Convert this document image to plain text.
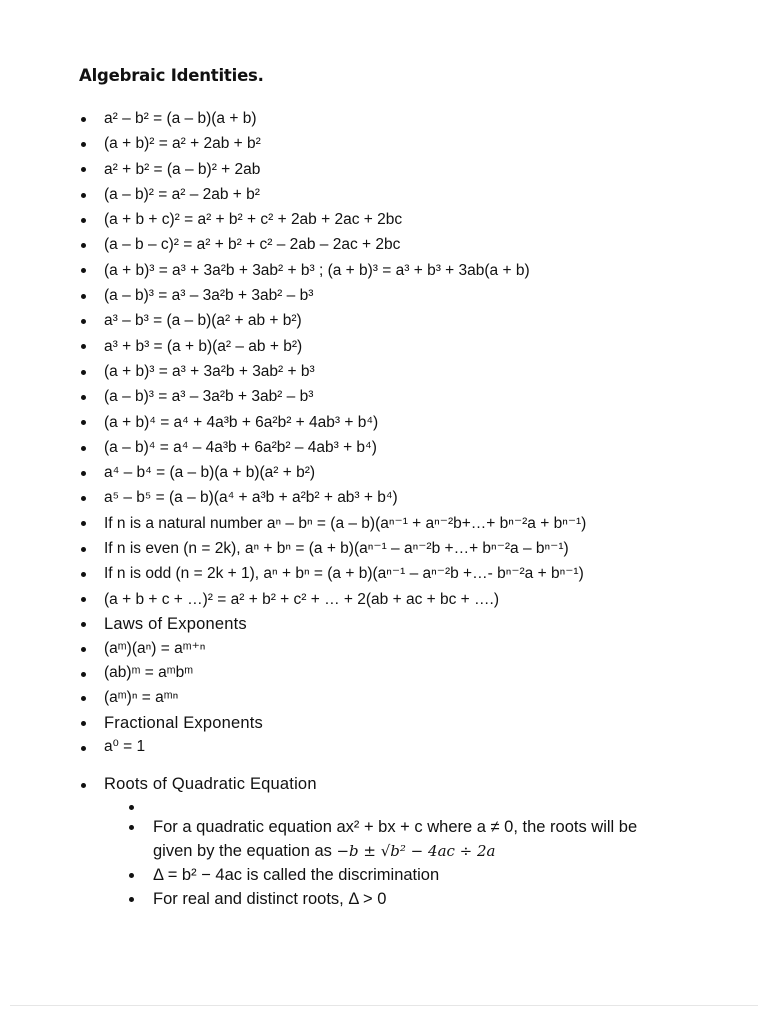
Algebraic Identities.
a² – b² = (a – b)(a + b)
(a + b)² = a² + 2ab + b²
a² + b² = (a – b)² + 2ab
(a – b)² = a² – 2ab + b²
(a + b + c)² = a² + b² + c² + 2ab + 2ac + 2bc
(a – b – c)² = a² + b² + c² – 2ab – 2ac + 2bc
(a + b)³ = a³ + 3a²b + 3ab² + b³ ; (a + b)³ = a³ + b³ + 3ab(a + b)
(a – b)³ = a³ – 3a²b + 3ab² – b³
a³ – b³ = (a – b)(a² + ab + b²)
a³ + b³ = (a + b)(a² – ab + b²)
(a + b)³ = a³ + 3a²b + 3ab² + b³
(a – b)³ = a³ – 3a²b + 3ab² – b³
(a + b)⁴ = a⁴ + 4a³b + 6a²b² + 4ab³ + b⁴)
(a – b)⁴ = a⁴ – 4a³b + 6a²b² – 4ab³ + b⁴)
a⁴ – b⁴ = (a – b)(a + b)(a² + b²)
a⁵ – b⁵ = (a – b)(a⁴ + a³b + a²b² + ab³ + b⁴)
If n is a natural number aⁿ – bⁿ = (a – b)(aⁿ⁻¹ + aⁿ⁻²b+…+ bⁿ⁻²a + bⁿ⁻¹)
If n is even (n = 2k), aⁿ + bⁿ = (a + b)(aⁿ⁻¹ – aⁿ⁻²b +…+ bⁿ⁻²a – bⁿ⁻¹)
If n is odd (n = 2k + 1), aⁿ + bⁿ = (a + b)(aⁿ⁻¹ – aⁿ⁻²b +…- bⁿ⁻²a + bⁿ⁻¹)
(a + b + c + …)² = a² + b² + c² + … + 2(ab + ac + bc + ….)
Laws of Exponents
(aᵐ)(aⁿ) = aᵐ⁺ⁿ
(ab)ᵐ = aᵐbᵐ
(aᵐ)ⁿ = aᵐⁿ
Fractional Exponents
a⁰ = 1
Roots of Quadratic Equation
For a quadratic equation ax² + bx + c where a ≠ 0, the roots will be
given by the equation as −b ± √b² − 4ac ÷ 2a
Δ = b² − 4ac is called the discrimination
For real and distinct roots, Δ > 0
